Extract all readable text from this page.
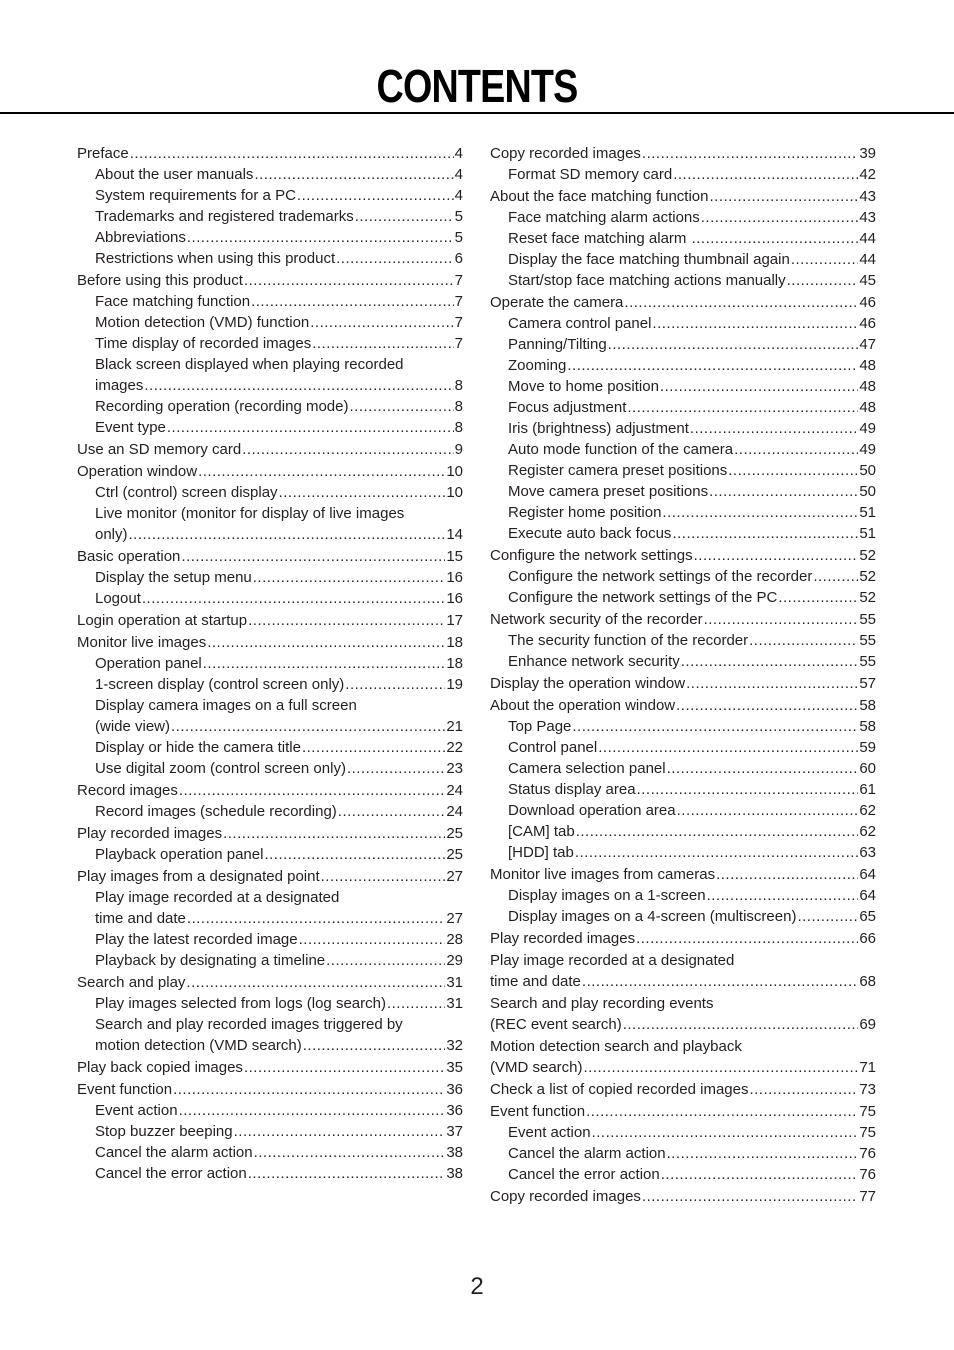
CONTENTS
Preface .....	4
About the user manuals .....	4
System requirements for a PC .....	4
Trademarks and registered trademarks .....	5
Abbreviations .....	5
Restrictions when using this product .....	6
Before using this product .....	7
Face matching function .....	7
Motion detection (VMD) function .....	7
Time display of recorded images .....	7
Black screen displayed when playing recorded
images .....	8
Recording operation (recording mode) .....	8
Event type .....	8
Use an SD memory card .....	9
Operation window .....	10
Ctrl (control) screen display .....	10
Live monitor (monitor for display of live images
only) .....	14
Basic operation .....	15
Display the setup menu .....	16
Logout .....	16
Login operation at startup .....	17
Monitor live images .....	18
Operation panel .....	18
1-screen display (control screen only) .....	19
Display camera images on a full screen
(wide view) .....	21
Display or hide the camera title .....	22
Use digital zoom (control screen only) .....	23
Record images .....	24
Record images (schedule recording) .....	24
Play recorded images .....	25
Playback operation panel .....	25
Play images from a designated point .....	27
Play image recorded at a designated
time and date .....	27
Play the latest recorded image .....	28
Playback by designating a timeline .....	29
Search and play .....	31
Play images selected from logs (log search) .....	31
Search and play recorded images triggered by
motion detection (VMD search) .....	32
Play back copied images .....	35
Event function .....	36
Event action .....	36
Stop buzzer beeping .....	37
Cancel the alarm action .....	38
Cancel the error action .....	38
Copy recorded images .....	39
Format SD memory card .....	42
About the face matching function .....	43
Face matching alarm actions .....	43
Reset face matching alarm .....	44
Display the face matching thumbnail again .....	44
Start/stop face matching actions manually .....	45
Operate the camera .....	46
Camera control panel .....	46
Panning/Tilting .....	47
Zooming .....	48
Move to home position .....	48
Focus adjustment .....	48
Iris (brightness) adjustment .....	49
Auto mode function of the camera .....	49
Register camera preset positions .....	50
Move camera preset positions .....	50
Register home position .....	51
Execute auto back focus .....	51
Configure the network settings .....	52
Configure the network settings of the recorder .....	52
Configure the network settings of the PC .....	52
Network security of the recorder .....	55
The security function of the recorder .....	55
Enhance network security .....	55
Display the operation window .....	57
About the operation window .....	58
Top Page .....	58
Control panel .....	59
Camera selection panel .....	60
Status display area .....	61
Download operation area .....	62
[CAM] tab .....	62
[HDD] tab .....	63
Monitor live images from cameras .....	64
Display images on a 1-screen .....	64
Display images on a 4-screen (multiscreen) .....	65
Play recorded images .....	66
Play image recorded at a designated
time and date .....	68
Search and play recording events
(REC event search) .....	69
Motion detection search and playback
(VMD search) .....	71
Check a list of copied recorded images .....	73
Event function .....	75
Event action .....	75
Cancel the alarm action .....	76
Cancel the error action .....	76
Copy recorded images .....	77
2
